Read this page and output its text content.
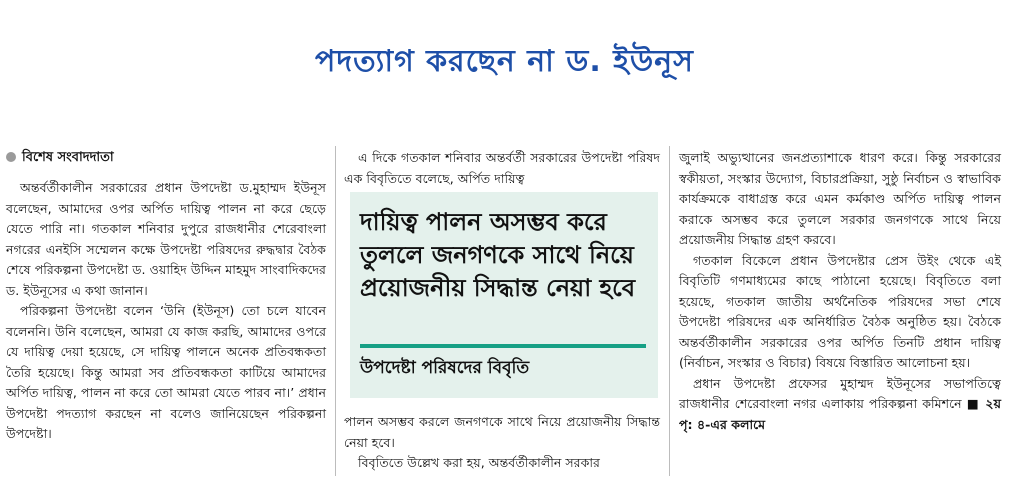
পদত্যাগ করছেন না ড. ইউনূস
বিশেষ সংবাদদাতা

অন্তর্বর্তীকালীন সরকারের প্রধান উপদেষ্টা ড.মুহাম্মদ ইউনূস বলেছেন, আমাদের ওপর অর্পিত দায়িত্ব পালন না করে ছেড়ে যেতে পারি না। গতকাল শনিবার দুপুরে রাজধানীর শেরেবাংলা নগরের এনইসি সম্মেলন কক্ষে উপদেষ্টা পরিষদের রুদ্ধদ্বার বৈঠক শেষে পরিকল্পনা উপদেষ্টা ড. ওয়াহিদ উদ্দিন মাহমুদ সাংবাদিকদের ড. ইউনূসের এ কথা জানান।

পরিকল্পনা উপদেষ্টা বলেন ‘উনি (ইউনূস) তো চলে যাবেন বলেননি। উনি বলেছেন, আমরা যে কাজ করছি, আমাদের ওপরে যে দায়িত্ব দেয়া হয়েছে, সে দায়িত্ব পালনে অনেক প্রতিবন্ধকতা তৈরি হয়েছে। কিন্তু আমরা সব প্রতিবন্ধকতা কাটিয়ে আমাদের অর্পিত দায়িত্ব, পালন না করে তো আমরা যেতে পারব না।’ প্রধান উপদেষ্টা পদত্যাগ করছেন না বলেও জানিয়েছেন পরিকল্পনা উপদেষ্টা।

এ দিকে গতকাল শনিবার অন্তর্বর্তী সরকারের উপদেষ্টা পরিষদ এক বিবৃতিতে বলেছে, অর্পিত দায়িত্ব

দায়িত্ব পালন অসম্ভব করে তুললে জনগণকে সাথে নিয়ে প্রয়োজনীয় সিদ্ধান্ত নেয়া হবে
উপদেষ্টা পরিষদের বিবৃতি

পালন অসম্ভব করলে জনগণকে সাথে নিয়ে প্রয়োজনীয় সিদ্ধান্ত নেয়া হবে।

বিবৃতিতে উল্লেখ করা হয়, অন্তর্বর্তীকালীন সরকার

জুলাই অভ্যুত্থানের জনপ্রত্যাশাকে ধারণ করে। কিন্তু সরকারের স্বকীয়তা, সংস্কার উদ্যোগ, বিচারপ্রক্রিয়া, সুষ্ঠু নির্বাচন ও স্বাভাবিক কার্যক্রমকে বাধাগ্রস্ত করে এমন কর্মকাণ্ড অর্পিত দায়িত্ব পালন করাকে অসম্ভব করে তুললে সরকার জনগণকে সাথে নিয়ে প্রয়োজনীয় সিদ্ধান্ত গ্রহণ করবে।

গতকাল বিকেলে প্রধান উপদেষ্টার প্রেস উইং থেকে এই বিবৃতিটি গণমাধ্যমের কাছে পাঠানো হয়েছে। বিবৃতিতে বলা হয়েছে, গতকাল জাতীয় অর্থনৈতিক পরিষদের সভা শেষে উপদেষ্টা পরিষদের এক অনির্ধারিত বৈঠক অনুষ্ঠিত হয়। বৈঠকে অন্তর্বর্তীকালীন সরকারের ওপর অর্পিত তিনটি প্রধান দায়িত্ব (নির্বাচন, সংস্কার ও বিচার) বিষয়ে বিস্তারিত আলোচনা হয়।

প্রধান উপদেষ্টা প্রফেসর মুহাম্মদ ইউনূসের সভাপতিত্বে রাজধানীর শেরেবাংলা নগর এলাকায় পরিকল্পনা কমিশনে ■ ২য় পৃ: ৪-এর কলামে
